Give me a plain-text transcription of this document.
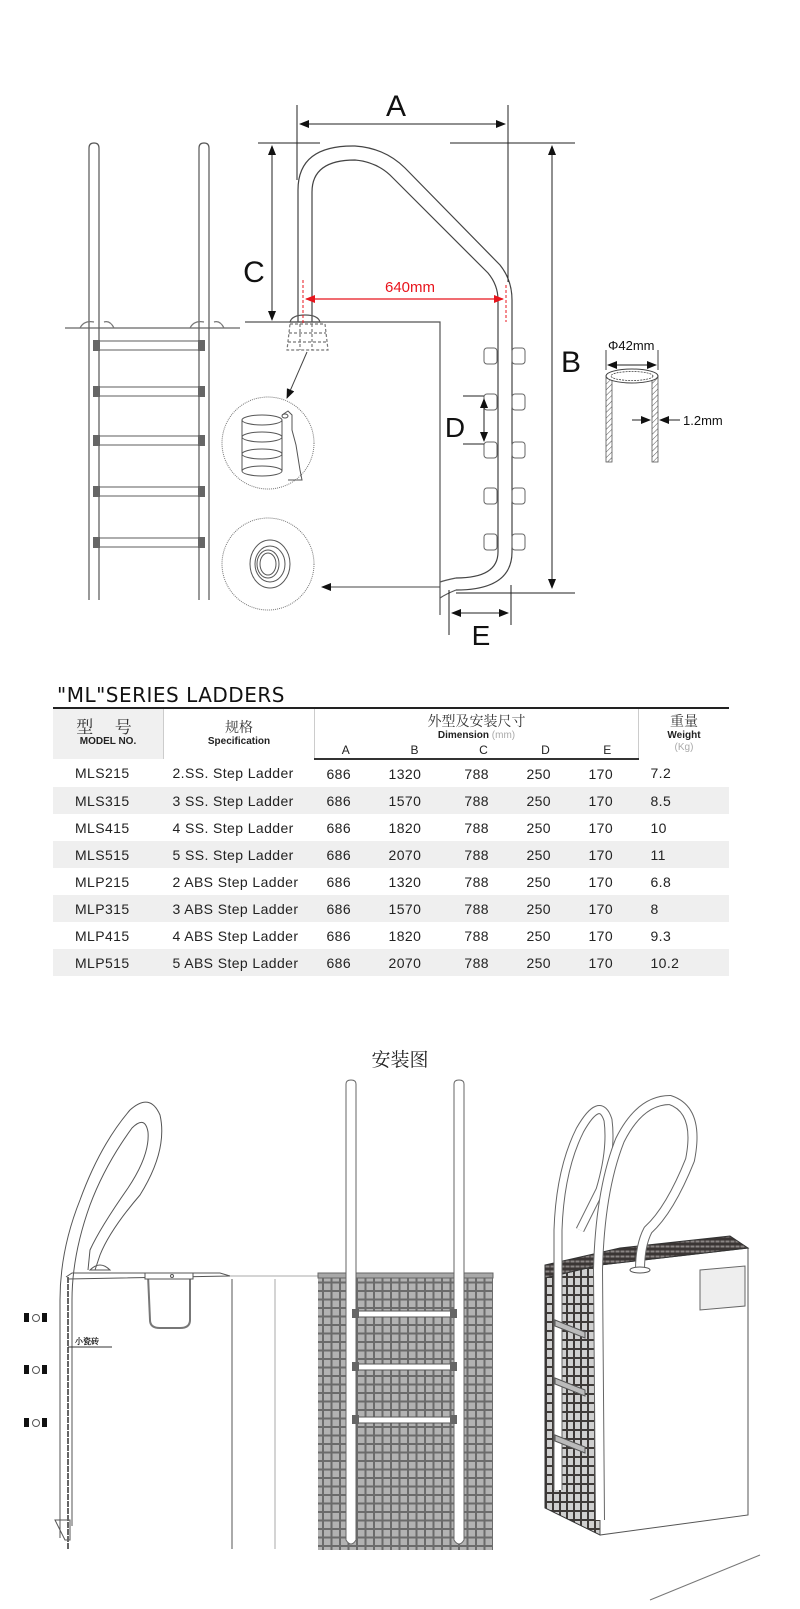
A
C
B
D
E
640mm
Φ42mm
1.2mm
"ML"SERIES LADDERS
型 号
MODEL NO.	规格
Specification	外型及安装尺寸
Dimension (mm)					重量
Weight
(Kg)

		A	B	C	D	E	
MLS215	2.SS. Step Ladder	686	1320	788	250	170	7.2
MLS315	3 SS. Step Ladder	686	1570	788	250	170	8.5
MLS415	4 SS. Step Ladder	686	1820	788	250	170	10
MLS515	5 SS. Step Ladder	686	2070	788	250	170	11
MLP215	2 ABS Step Ladder	686	1320	788	250	170	6.8
MLP315	3 ABS Step Ladder	686	1570	788	250	170	8
MLP415	4 ABS Step Ladder	686	1820	788	250	170	9.3
MLP515	5 ABS Step Ladder	686	2070	788	250	170	10.2
安装图
小瓷砖
